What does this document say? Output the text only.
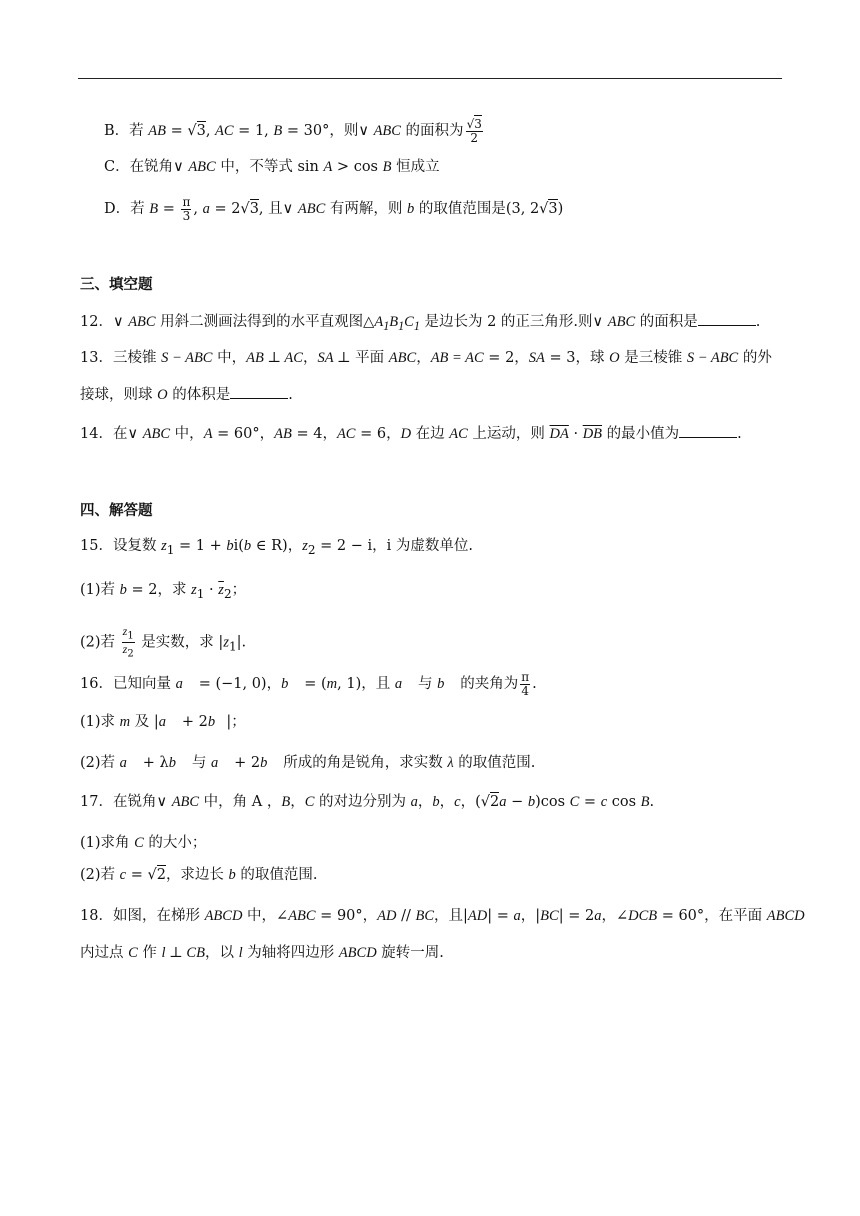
B．若 AB = √3, AC = 1, B = 30°，则∨ ABC 的面积为 $\frac{√3}{2}$
C．在锐角∨ ABC 中，不等式 sin A > cos B 恒成立
D．若 $B = \frac{\pi}{3}$ , a = 2√3, 且∨ ABC 有两解，则 b 的取值范围是(3, 2√3)
三、填空题
12．∨ ABC 用斜二测画法得到的水平直观图$\triangle A_1B_1C_1$ 是边长为 2 的正三角形.则∨ ABC 的面积是	.
13．三棱锥 S − ABC 中，AB ⊥ AC，SA ⊥ 平面 ABC，AB = AC = 2，SA = 3，球 O 是三棱锥 S − ABC 的外
接球，则球 O 的体积是	.
14．在∨ ABC 中，A = 60°，AB = 4，AC = 6，D 在边 AC 上运动，则 $\overline{DA} \cdot \overline{DB}$ 的最小值为	.
四、解答题
15．设复数 $z_1 = 1 + bi(b$ ∈ R)，$z_2 = 2 - i$，i 为虚数单位.
(1)若 b = 2，求 $z_1 \cdot \overline{z}_2$；
(2)若 $\frac{z_1}{z_2}$ 是实数，求 $|z_1|$.
16．已知向量 a⃗ = (−1, 0)，b⃗ = (m, 1)，且 a⃗ 与 b⃗ 的夹角为 $\frac{\pi}{4}$ .
(1)求 m 及 |a⃗ + 2b⃗|；
(2)若 a⃗ + λb⃗ 与 a⃗ + 2b⃗ 所成的角是锐角，求实数 λ 的取值范围.
17．在锐角∨ ABC 中，角 A ，B，C 的对边分别为 a，b，c，(√2a − b)cos C = c cos B.
(1)求角 C 的大小；
(2)若 c = √2，求边长 b 的取值范围.
18．如图，在梯形 ABCD 中，∠ABC = 90°，AD // BC，且|AD| = a，|BC| = 2a，∠DCB = 60°，在平面 ABCD
内过点 C 作 l ⊥ CB，以 l 为轴将四边形 ABCD 旋转一周.
